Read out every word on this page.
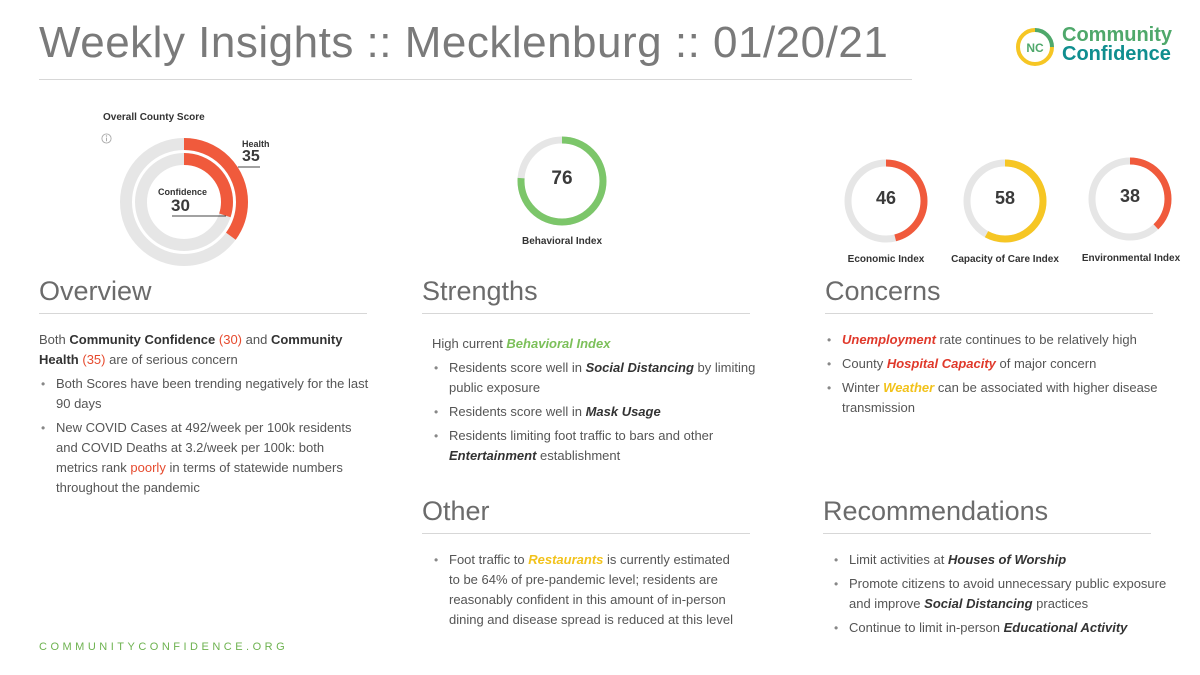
Weekly Insights :: Mecklenburg :: 01/20/21	NC
Community
Confidence
Overall County Score
Health
35
Confidence
30
76
Behavioral Index
46
Economic Index
58
Capacity of Care Index
38
Environmental Index
Overview

Both Community Confidence (30) and Community Health (35) are of serious concern

• Both Scores have been trending negatively for the last 90 days
• New COVID Cases at 492/week per 100k residents and COVID Deaths at 3.2/week per 100k: both metrics rank poorly in terms of statewide numbers throughout the pandemic
Strengths

High current Behavioral Index

• Residents score well in Social Distancing by limiting public exposure
• Residents score well in Mask Usage
• Residents limiting foot traffic to bars and other Entertainment establishment
Concerns
• Unemployment rate continues to be relatively high
• County Hospital Capacity of major concern
• Winter Weather can be associated with higher disease transmission
Other
• Foot traffic to Restaurants is currently estimated to be 64% of pre-pandemic level; residents are reasonably confident in this amount of in-person dining and disease spread is reduced at this level
Recommendations
• Limit activities at Houses of Worship
• Promote citizens to avoid unnecessary public exposure and improve Social Distancing practices
• Continue to limit in-person Educational Activity
COMMUNITYCONFIDENCE.ORG
